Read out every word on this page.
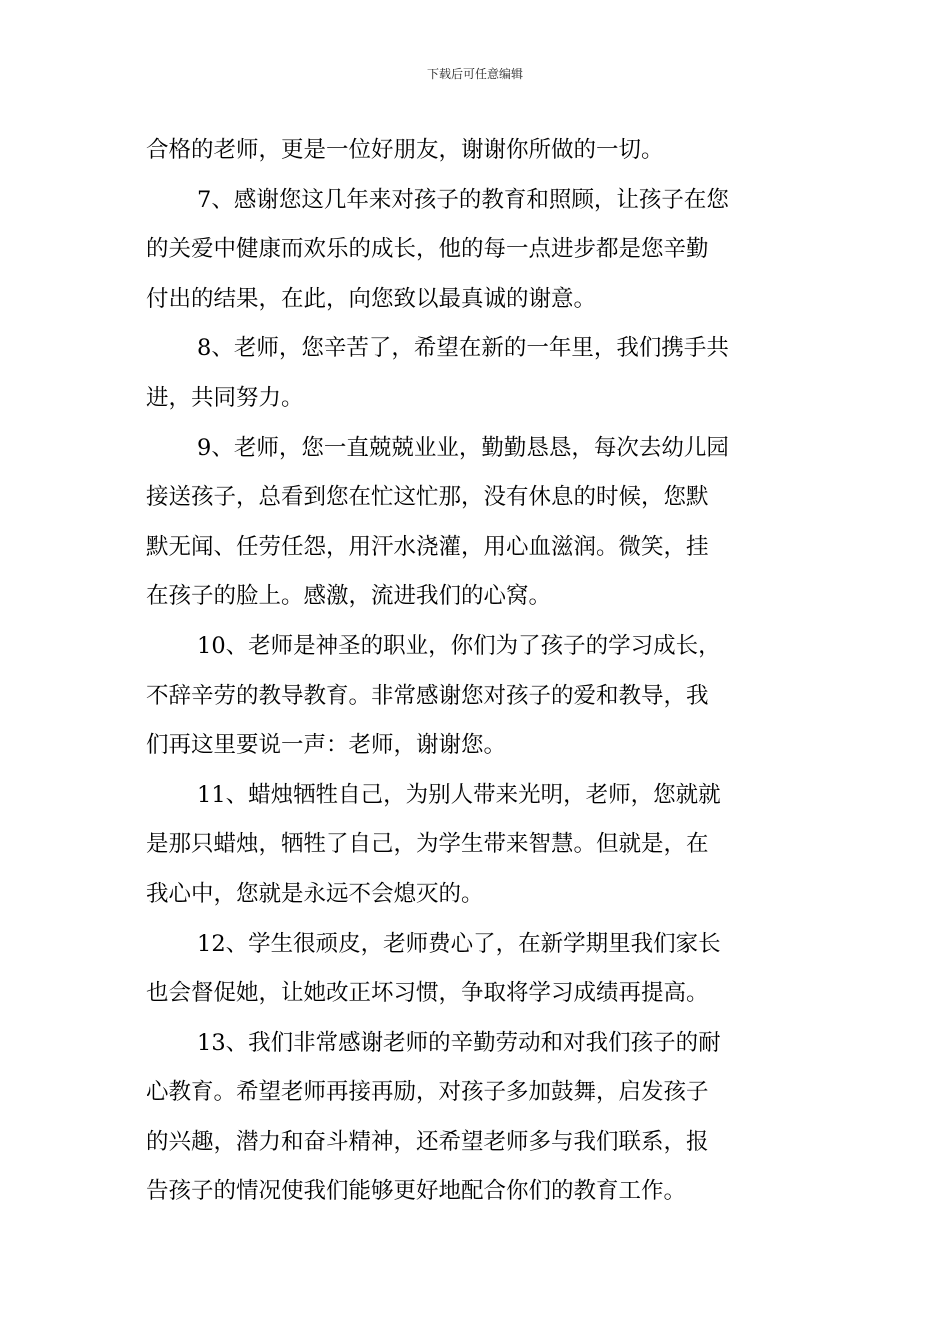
下载后可任意编辑

合格的老师，更是一位好朋友，谢谢你所做的一切。

7、感谢您这几年来对孩子的教育和照顾，让孩子在您
的关爱中健康而欢乐的成长，他的每一点进步都是您辛勤
付出的结果，在此，向您致以最真诚的谢意。

8、老师，您辛苦了，希望在新的一年里，我们携手共
进，共同努力。

9、老师，您一直兢兢业业，勤勤恳恳，每次去幼儿园
接送孩子，总看到您在忙这忙那，没有休息的时候，您默
默无闻、任劳任怨，用汗水浇灌，用心血滋润。微笑，挂
在孩子的脸上。感激，流进我们的心窝。

10、老师是神圣的职业，你们为了孩子的学习成长，
不辞辛劳的教导教育。非常感谢您对孩子的爱和教导，我
们再这里要说一声：老师，谢谢您。

11、蜡烛牺牲自己，为别人带来光明，老师，您就就
是那只蜡烛，牺牲了自己，为学生带来智慧。但就是，在
我心中，您就是永远不会熄灭的。

12、学生很顽皮，老师费心了，在新学期里我们家长
也会督促她，让她改正坏习惯，争取将学习成绩再提高。

13、我们非常感谢老师的辛勤劳动和对我们孩子的耐
心教育。希望老师再接再励，对孩子多加鼓舞，启发孩子
的兴趣，潜力和奋斗精神，还希望老师多与我们联系，报
告孩子的情况使我们能够更好地配合你们的教育工作。
